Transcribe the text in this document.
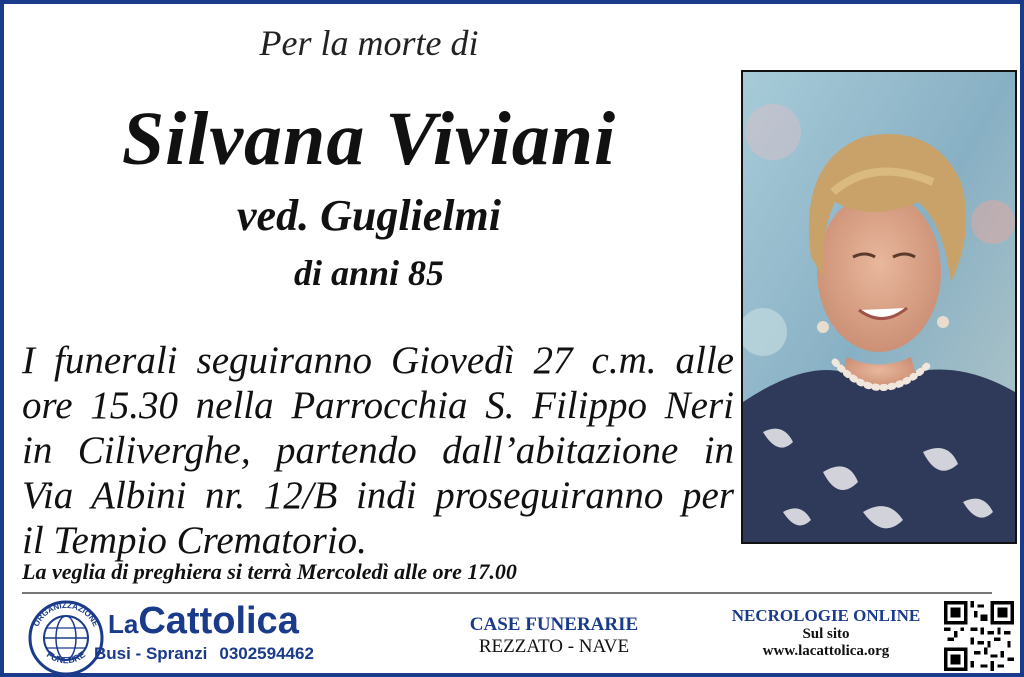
Per la morte di
Silvana Viviani
ved. Guglielmi
di anni 85
I funerali seguiranno Giovedì 27 c.m. alle
ore 15.30 nella Parrocchia S. Filippo Neri
in Ciliverghe, partendo dall’abitazione in
Via Albini nr. 12/B indi proseguiranno per
il Tempio Crematorio.
La veglia di preghiera si terrà Mercoledì alle ore 17.00
ORGANIZZAZIONE
FUNEBRE
LaCattolica
Busi - Spranzi 0302594462
CASE FUNERARIE
REZZATO - NAVE
NECROLOGIE ONLINE
Sul sito
www.lacattolica.org
